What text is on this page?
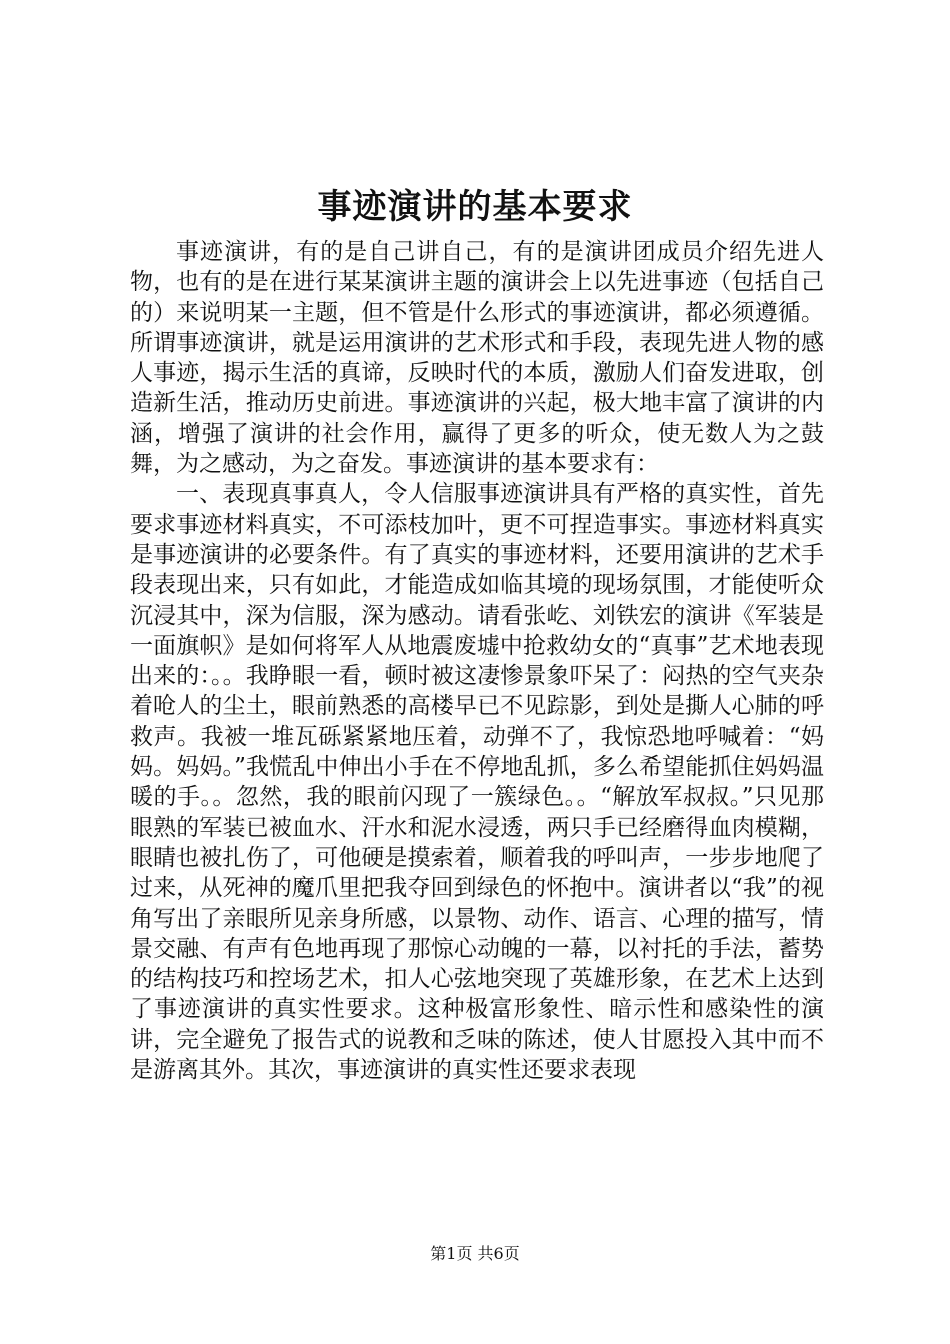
事迹演讲的基本要求

事迹演讲，有的是自己讲自己，有的是演讲团成员介绍先进人物，也有的是在进行某某演讲主题的演讲会上以先进事迹（包括自己的）来说明某一主题，但不管是什么形式的事迹演讲，都必须遵循。所谓事迹演讲，就是运用演讲的艺术形式和手段，表现先进人物的感人事迹，揭示生活的真谛，反映时代的本质，激励人们奋发进取，创造新生活，推动历史前进。事迹演讲的兴起，极大地丰富了演讲的内涵，增强了演讲的社会作用，赢得了更多的听众，使无数人为之鼓舞，为之感动，为之奋发。事迹演讲的基本要求有：

一、表现真事真人，令人信服事迹演讲具有严格的真实性，首先要求事迹材料真实，不可添枝加叶，更不可捏造事实。事迹材料真实是事迹演讲的必要条件。有了真实的事迹材料，还要用演讲的艺术手段表现出来，只有如此，才能造成如临其境的现场氛围，才能使听众沉浸其中，深为信服，深为感动。请看张屹、刘铁宏的演讲《军装是一面旗帜》是如何将军人从地震废墟中抢救幼女的“真事”艺术地表现出来的：。。我睁眼一看，顿时被这凄惨景象吓呆了：闷热的空气夹杂着呛人的尘土，眼前熟悉的高楼早已不见踪影，到处是撕人心肺的呼救声。我被一堆瓦砾紧紧地压着，动弹不了，我惊恐地呼喊着：“妈妈。妈妈。”我慌乱中伸出小手在不停地乱抓，多么希望能抓住妈妈温暖的手。。忽然，我的眼前闪现了一簇绿色。。“解放军叔叔。”只见那眼熟的军装已被血水、汗水和泥水浸透，两只手已经磨得血肉模糊，眼睛也被扎伤了，可他硬是摸索着，顺着我的呼叫声，一步步地爬了过来，从死神的魔爪里把我夺回到绿色的怀抱中。演讲者以“我”的视角写出了亲眼所见亲身所感，以景物、动作、语言、心理的描写，情景交融、有声有色地再现了那惊心动魄的一幕，以衬托的手法，蓄势的结构技巧和控场艺术，扣人心弦地突现了英雄形象，在艺术上达到了事迹演讲的真实性要求。这种极富形象性、暗示性和感染性的演讲，完全避免了报告式的说教和乏味的陈述，使人甘愿投入其中而不是游离其外。其次，事迹演讲的真实性还要求表现

第1页 共6页
